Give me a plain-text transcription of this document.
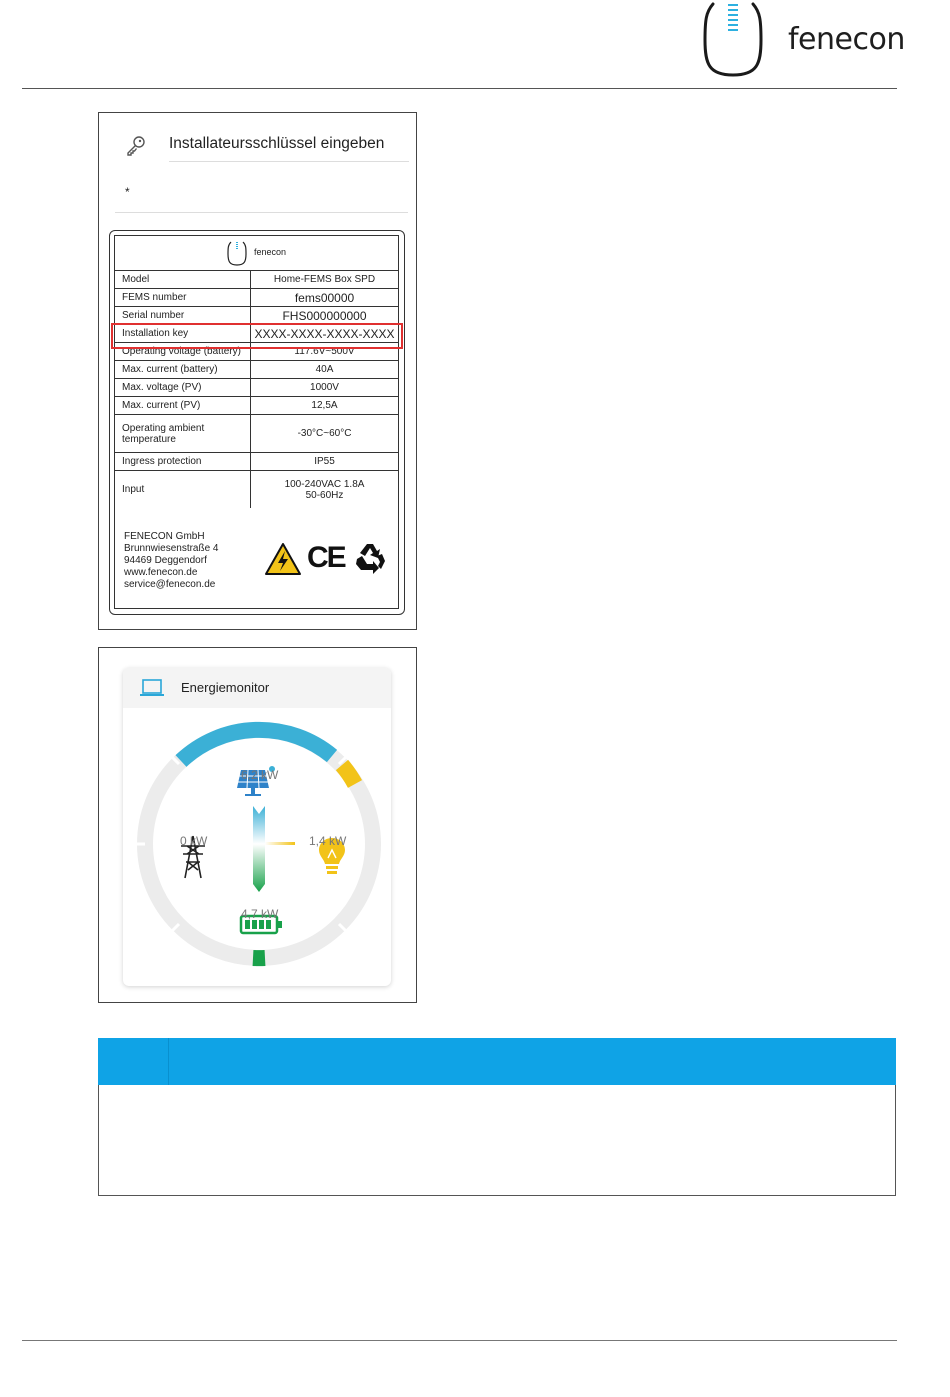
fenecon
Installateursschlüssel eingeben
*
fenecon
Model	Home-FEMS Box SPD
FEMS number	fems00000
Serial number	FHS000000000
Installation key	XXXX-XXXX-XXXX-XXXX
Operating voltage (battery)	117.6V~500V
Max. current (battery)	40A
Max. voltage (PV)	1000V
Max. current (PV)	12,5A
Operating ambient temperature	-30°C~60°C
Ingress protection	IP55
Input	100-240VAC 1.8A
50-60Hz
FENECON GmbH
Brunnwiesenstraße 4
94469 Deggendorf
www.fenecon.de
service@fenecon.de
CE
Energiemonitor
6,2 kW
0 kW	1,4 kW
4,7 kW
